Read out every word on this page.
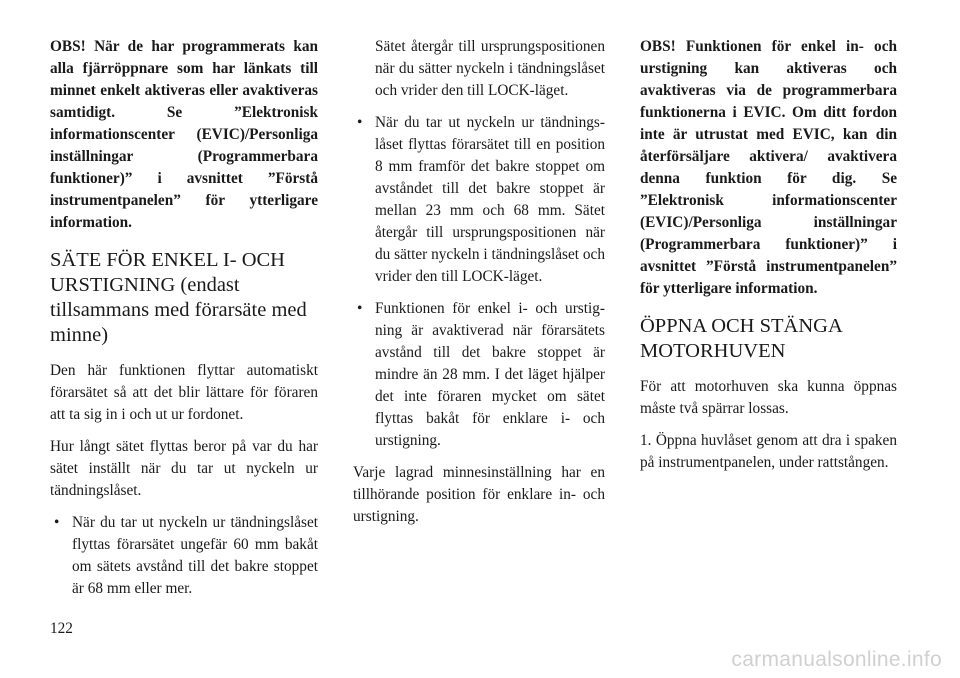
OBS! När de har programmerats kan alla fjärröppnare som har länkats till minnet enkelt aktiveras eller avaktiveras samtidigt. Se ”Elektronisk informationscenter (EVIC)/Personliga inställningar (Programmerbara funktioner)” i avsnittet ”Förstå instrumentpanelen” för ytterligare information.

SÄTE FÖR ENKEL I- OCH URSTIGNING (endast tillsammans med förarsäte med minne)

Den här funktionen flyttar automatiskt förarsätet så att det blir lättare för föraren att ta sig in i och ut ur fordonet.

Hur långt sätet flyttas beror på var du har sätet inställt när du tar ut nyckeln ur tändningslåset.

• När du tar ut nyckeln ur tändningslåset flyttas förarsätet ungefär 60 mm bakåt om sätets avstånd till det bakre stoppet är 68 mm eller mer.

Sätet återgår till ursprungspositionen när du sätter nyckeln i tändningslåset och vrider den till LOCK-läget.

• När du tar ut nyckeln ur tändningslåset flyttas förarsätet till en position 8 mm framför det bakre stoppet om avståndet till det bakre stoppet är mellan 23 mm och 68 mm. Sätet återgår till ursprungspositionen när du sätter nyckeln i tändningslåset och vrider den till LOCK-läget.
• Funktionen för enkel i- och urstigning är avaktiverad när förarsätets avstånd till det bakre stoppet är mindre än 28 mm. I det läget hjälper det inte föraren mycket om sätet flyttas bakåt för enklare i- och urstigning.

Varje lagrad minnesinställning har en tillhörande position för enklare in- och urstigning.

OBS! Funktionen för enkel in- och urstigning kan aktiveras och avaktiveras via de programmerbara funktionerna i EVIC. Om ditt fordon inte är utrustat med EVIC, kan din återförsäljare aktivera/ avaktivera denna funktion för dig. Se ”Elektronisk informationscenter (EVIC)/Personliga inställningar (Programmerbara funktioner)” i avsnittet ”Förstå instrumentpanelen” för ytterligare information.

ÖPPNA OCH STÄNGA MOTORHUVEN

För att motorhuven ska kunna öppnas måste två spärrar lossas.

1. Öppna huvlåset genom att dra i spaken på instrumentpanelen, under rattstången.

122
carmanualsonline.info
